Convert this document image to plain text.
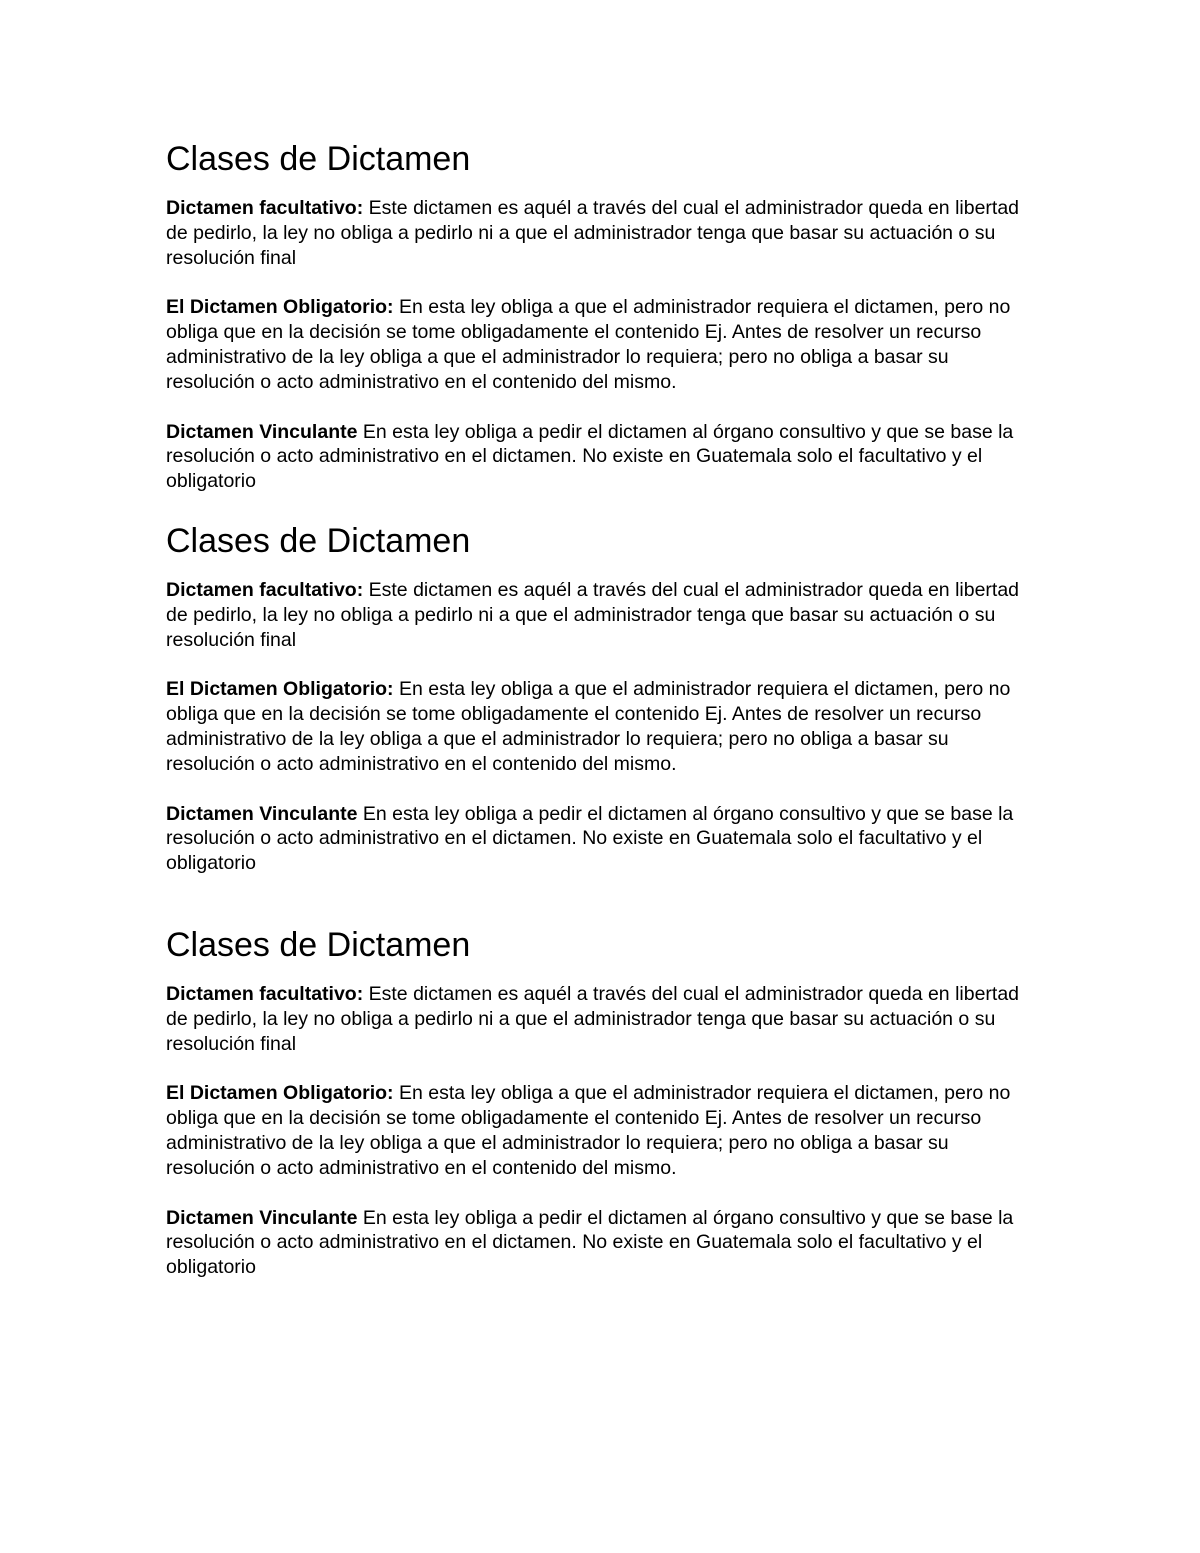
Clases de Dictamen

Dictamen facultativo: Este dictamen es aquél a través del cual el administrador queda en libertad de pedirlo, la ley no obliga a pedirlo ni a que el administrador tenga que basar su actuación o su resolución final

El Dictamen Obligatorio: En esta ley obliga a que el administrador requiera el dictamen, pero no obliga que en la decisión se tome obligadamente el contenido Ej. Antes de resolver un recurso administrativo de la ley obliga a que el administrador lo requiera; pero no obliga a basar su resolución o acto administrativo en el contenido del mismo.

Dictamen Vinculante En esta ley obliga a pedir el dictamen al órgano consultivo y que se base la resolución o acto administrativo en el dictamen. No existe en Guatemala solo el facultativo y el obligatorio

Clases de Dictamen

Dictamen facultativo: Este dictamen es aquél a través del cual el administrador queda en libertad de pedirlo, la ley no obliga a pedirlo ni a que el administrador tenga que basar su actuación o su resolución final

El Dictamen Obligatorio: En esta ley obliga a que el administrador requiera el dictamen, pero no obliga que en la decisión se tome obligadamente el contenido Ej. Antes de resolver un recurso administrativo de la ley obliga a que el administrador lo requiera; pero no obliga a basar su resolución o acto administrativo en el contenido del mismo.

Dictamen Vinculante En esta ley obliga a pedir el dictamen al órgano consultivo y que se base la resolución o acto administrativo en el dictamen. No existe en Guatemala solo el facultativo y el obligatorio

Clases de Dictamen

Dictamen facultativo: Este dictamen es aquél a través del cual el administrador queda en libertad de pedirlo, la ley no obliga a pedirlo ni a que el administrador tenga que basar su actuación o su resolución final

El Dictamen Obligatorio: En esta ley obliga a que el administrador requiera el dictamen, pero no obliga que en la decisión se tome obligadamente el contenido Ej. Antes de resolver un recurso administrativo de la ley obliga a que el administrador lo requiera; pero no obliga a basar su resolución o acto administrativo en el contenido del mismo.

Dictamen Vinculante En esta ley obliga a pedir el dictamen al órgano consultivo y que se base la resolución o acto administrativo en el dictamen. No existe en Guatemala solo el facultativo y el obligatorio
